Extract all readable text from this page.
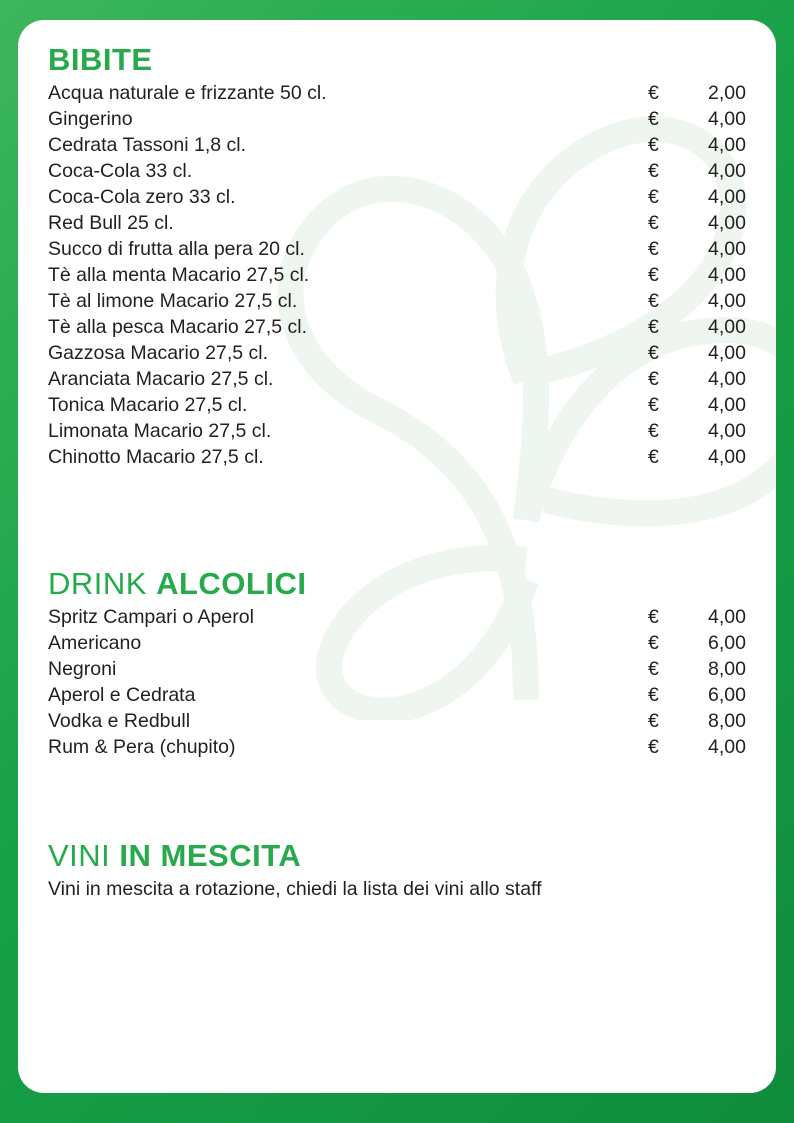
BIBITE
Acqua naturale e frizzante 50 cl.	€	2,00
Gingerino	€	4,00
Cedrata Tassoni 1,8 cl.	€	4,00
Coca-Cola 33 cl.	€	4,00
Coca-Cola zero 33 cl.	€	4,00
Red Bull 25 cl.	€	4,00
Succo di frutta alla pera 20 cl.	€	4,00
Tè alla menta Macario 27,5 cl.	€	4,00
Tè al limone Macario 27,5 cl.	€	4,00
Tè alla pesca Macario 27,5 cl.	€	4,00
Gazzosa Macario 27,5 cl.	€	4,00
Aranciata Macario 27,5 cl.	€	4,00
Tonica Macario 27,5 cl.	€	4,00
Limonata Macario 27,5 cl.	€	4,00
Chinotto Macario 27,5 cl.	€	4,00
DRINK ALCOLICI
Spritz Campari o Aperol	€	4,00
Americano	€	6,00
Negroni	€	8,00
Aperol e Cedrata	€	6,00
Vodka e Redbull	€	8,00
Rum & Pera (chupito)	€	4,00
VINI IN MESCITA

Vini in mescita a rotazione, chiedi la lista dei vini allo staff
